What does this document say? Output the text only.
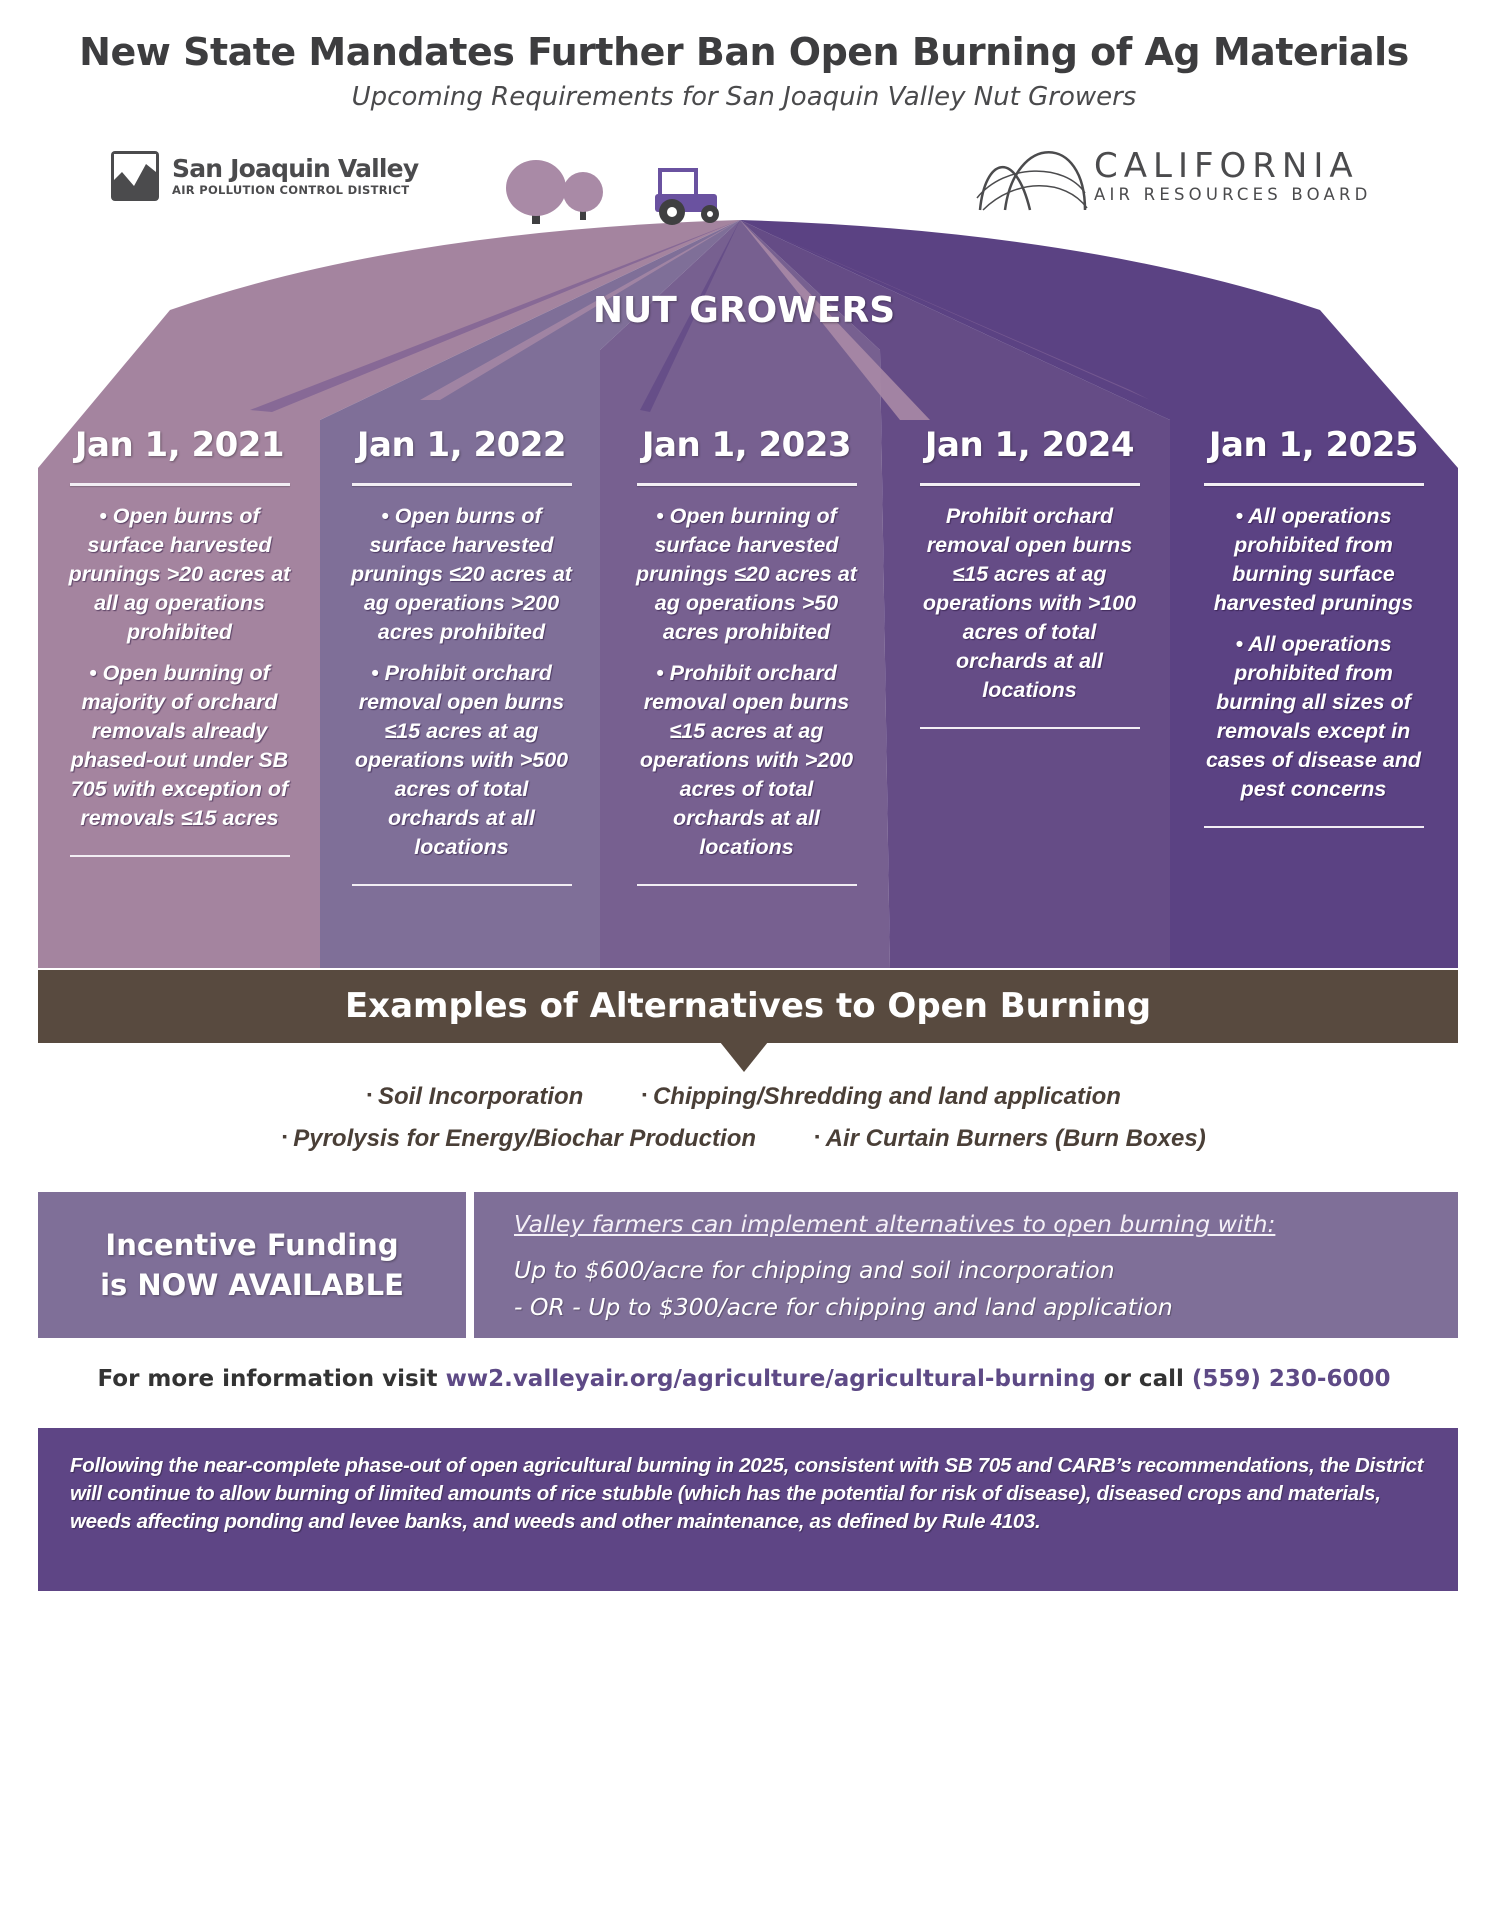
New State Mandates Further Ban Open Burning of Ag Materials

Upcoming Requirements for San Joaquin Valley Nut Growers

San Joaquin Valley
AIR POLLUTION CONTROL DISTRICT
CALIFORNIA
AIR RESOURCES BOARD
NUT GROWERS
Jan 1, 2021
• Open burns of surface harvested prunings >20 acres at all ag operations prohibited
• Open burning of majority of orchard removals already phased-out under SB 705 with exception of removals ≤15 acres
Jan 1, 2022
• Open burns of surface harvested prunings ≤20 acres at ag operations >200 acres prohibited
• Prohibit orchard removal open burns ≤15 acres at ag operations with >500 acres of total orchards at all locations
Jan 1, 2023
• Open burning of surface harvested prunings ≤20 acres at ag operations >50 acres prohibited
• Prohibit orchard removal open burns ≤15 acres at ag operations with >200 acres of total orchards at all locations
Jan 1, 2024
Prohibit orchard removal open burns ≤15 acres at ag operations with >100 acres of total orchards at all locations
Jan 1, 2025
• All operations prohibited from burning surface harvested prunings
• All operations prohibited from burning all sizes of removals except in cases of disease and pest concerns
Examples of Alternatives to Open Burning
▪ Soil Incorporation	▪ Chipping/Shredding and land application
▪ Pyrolysis for Energy/Biochar Production	▪ Air Curtain Burners (Burn Boxes)
Incentive Funding
is NOW AVAILABLE
Valley farmers can implement alternatives to open burning with:
Up to $600/acre for chipping and soil incorporation
- OR - Up to $300/acre for chipping and land application
For more information visit ww2.valleyair.org/agriculture/agricultural-burning or call (559) 230-6000
Following the near-complete phase-out of open agricultural burning in 2025, consistent with SB 705 and CARB’s recommendations, the District will continue to allow burning of limited amounts of rice stubble (which has the potential for risk of disease), diseased crops and materials, weeds affecting ponding and levee banks, and weeds and other maintenance, as defined by Rule 4103.
